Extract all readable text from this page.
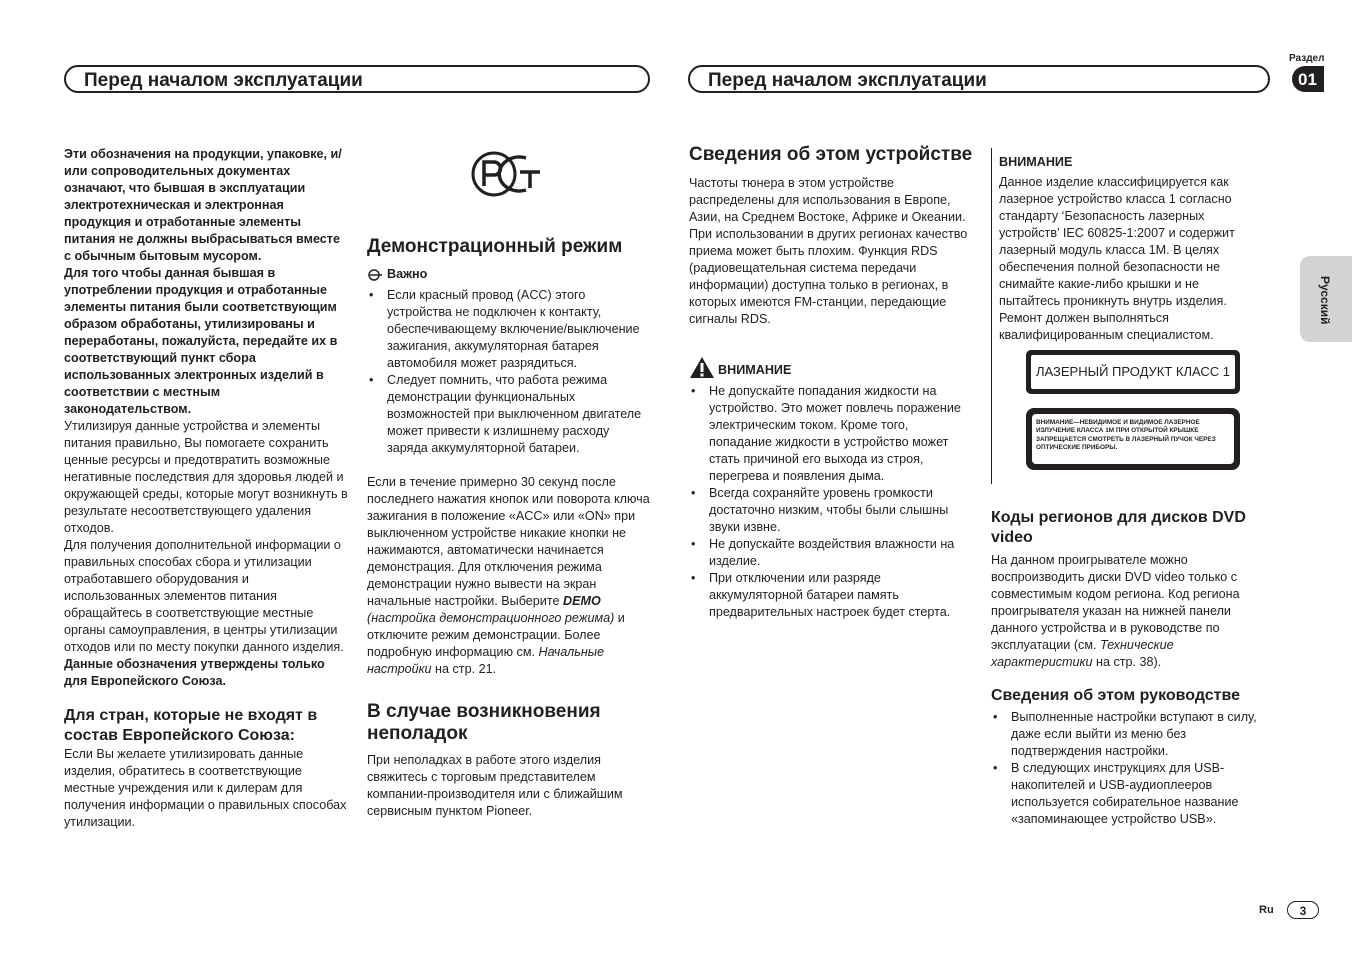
Перед началом эксплуатации	Перед началом эксплуатации
Раздел
01
Русский

Эти обозначения на продукции, упаковке, и/или сопроводительных документах означают, что бывшая в эксплуатации электротехническая и электронная продукция и отработанные элементы питания не должны выбрасываться вместе с обычным бытовым мусором.

Для того чтобы данная бывшая в употреблении продукция и отработанные элементы питания были соответствующим образом обработаны, утилизированы и переработаны, пожалуйста, передайте их в соответствующий пункт сбора использованных электронных изделий в соответствии с местным законодательством.

Утилизируя данные устройства и элементы питания правильно, Вы помогаете сохранить ценные ресурсы и предотвратить возможные негативные последствия для здоровья людей и окружающей среды, которые могут возникнуть в результате несоответствующего удаления отходов.

Для получения дополнительной информации о правильных способах сбора и утилизации отработавшего оборудования и использованных элементов питания обращайтесь в соответствующие местные органы самоуправления, в центры утилизации отходов или по месту покупки данного изделия.

Данные обозначения утверждены только для Европейского Союза.

Для стран, которые не входят в состав Европейского Союза:

Если Вы желаете утилизировать данные изделия, обратитесь в соответствующие местные учреждения или к дилерам для получения информации о правильных способах утилизации.

Демонстрационный режим
Важно
• Если красный провод (ACC) этого устройства не подключен к контакту, обеспечивающему включение/выключение зажигания, аккумуляторная батарея автомобиля может разрядиться.
• Следует помнить, что работа режима демонстрации функциональных возможностей при выключенном двигателе может привести к излишнему расходу заряда аккумуляторной батареи.

Если в течение примерно 30 секунд после последнего нажатия кнопок или поворота ключа зажигания в положение «ACC» или «ON» при выключенном устройстве никакие кнопки не нажимаются, автоматически начинается демонстрация. Для отключения режима демонстрации нужно вывести на экран начальные настройки. Выберите DEMO (настройка демонстрационного режима) и отключите режим демонстрации. Более подробную информацию см. Начальные настройки на стр. 21.

В случае возникновения неполадок

При неполадках в работе этого изделия свяжитесь с торговым представителем компании-производителя или с ближайшим сервисным пунктом Pioneer.

Сведения об этом устройстве

Частоты тюнера в этом устройстве распределены для использования в Европе, Азии, на Среднем Востоке, Африке и Океании. При использовании в других регионах качество приема может быть плохим. Функция RDS (радиовещательная система передачи информации) доступна только в регионах, в которых имеются FM-станции, передающие сигналы RDS.

ВНИМАНИЕ
• Не допускайте попадания жидкости на устройство. Это может повлечь поражение электрическим током. Кроме того, попадание жидкости в устройство может стать причиной его выхода из строя, перегрева и появления дыма.
• Всегда сохраняйте уровень громкости достаточно низким, чтобы были слышны звуки извне.
• Не допускайте воздействия влажности на изделие.
• При отключении или разряде аккумуляторной батареи память предварительных настроек будет стерта.
ВНИМАНИЕ

Данное изделие классифицируется как лазерное устройство класса 1 согласно стандарту ‘Безопасность лазерных устройств’ IEC 60825-1:2007 и содержит лазерный модуль класса 1M. В целях обеспечения полной безопасности не снимайте какие-либо крышки и не пытайтесь проникнуть внутрь изделия. Ремонт должен выполняться квалифицированным специалистом.

ЛАЗЕРНЫЙ ПРОДУКТ КЛАСС 1
ВНИМАНИЕ—НЕВИДИМОЕ И ВИДИМОЕ ЛАЗЕРНОЕ ИЗЛУЧЕНИЕ КЛАССА 1М ПРИ ОТКРЫТОЙ КРЫШКЕ ЗАПРЕЩАЕТСЯ СМОТРЕТЬ В ЛАЗЕРНЫЙ ПУЧОК ЧЕРЕЗ ОПТИЧЕСКИЕ ПРИБОРЫ.
Коды регионов для дисков DVD video

На данном проигрывателе можно воспроизводить диски DVD video только с совместимым кодом региона. Код региона проигрывателя указан на нижней панели данного устройства и в руководстве по эксплуатации (см. Технические характеристики на стр. 38).

Сведения об этом руководстве
• Выполненные настройки вступают в силу, даже если выйти из меню без подтверждения настройки.
• В следующих инструкциях для USB-накопителей и USB-аудиоплееров используется собирательное название «запоминающее устройство USB».
Ru	3
